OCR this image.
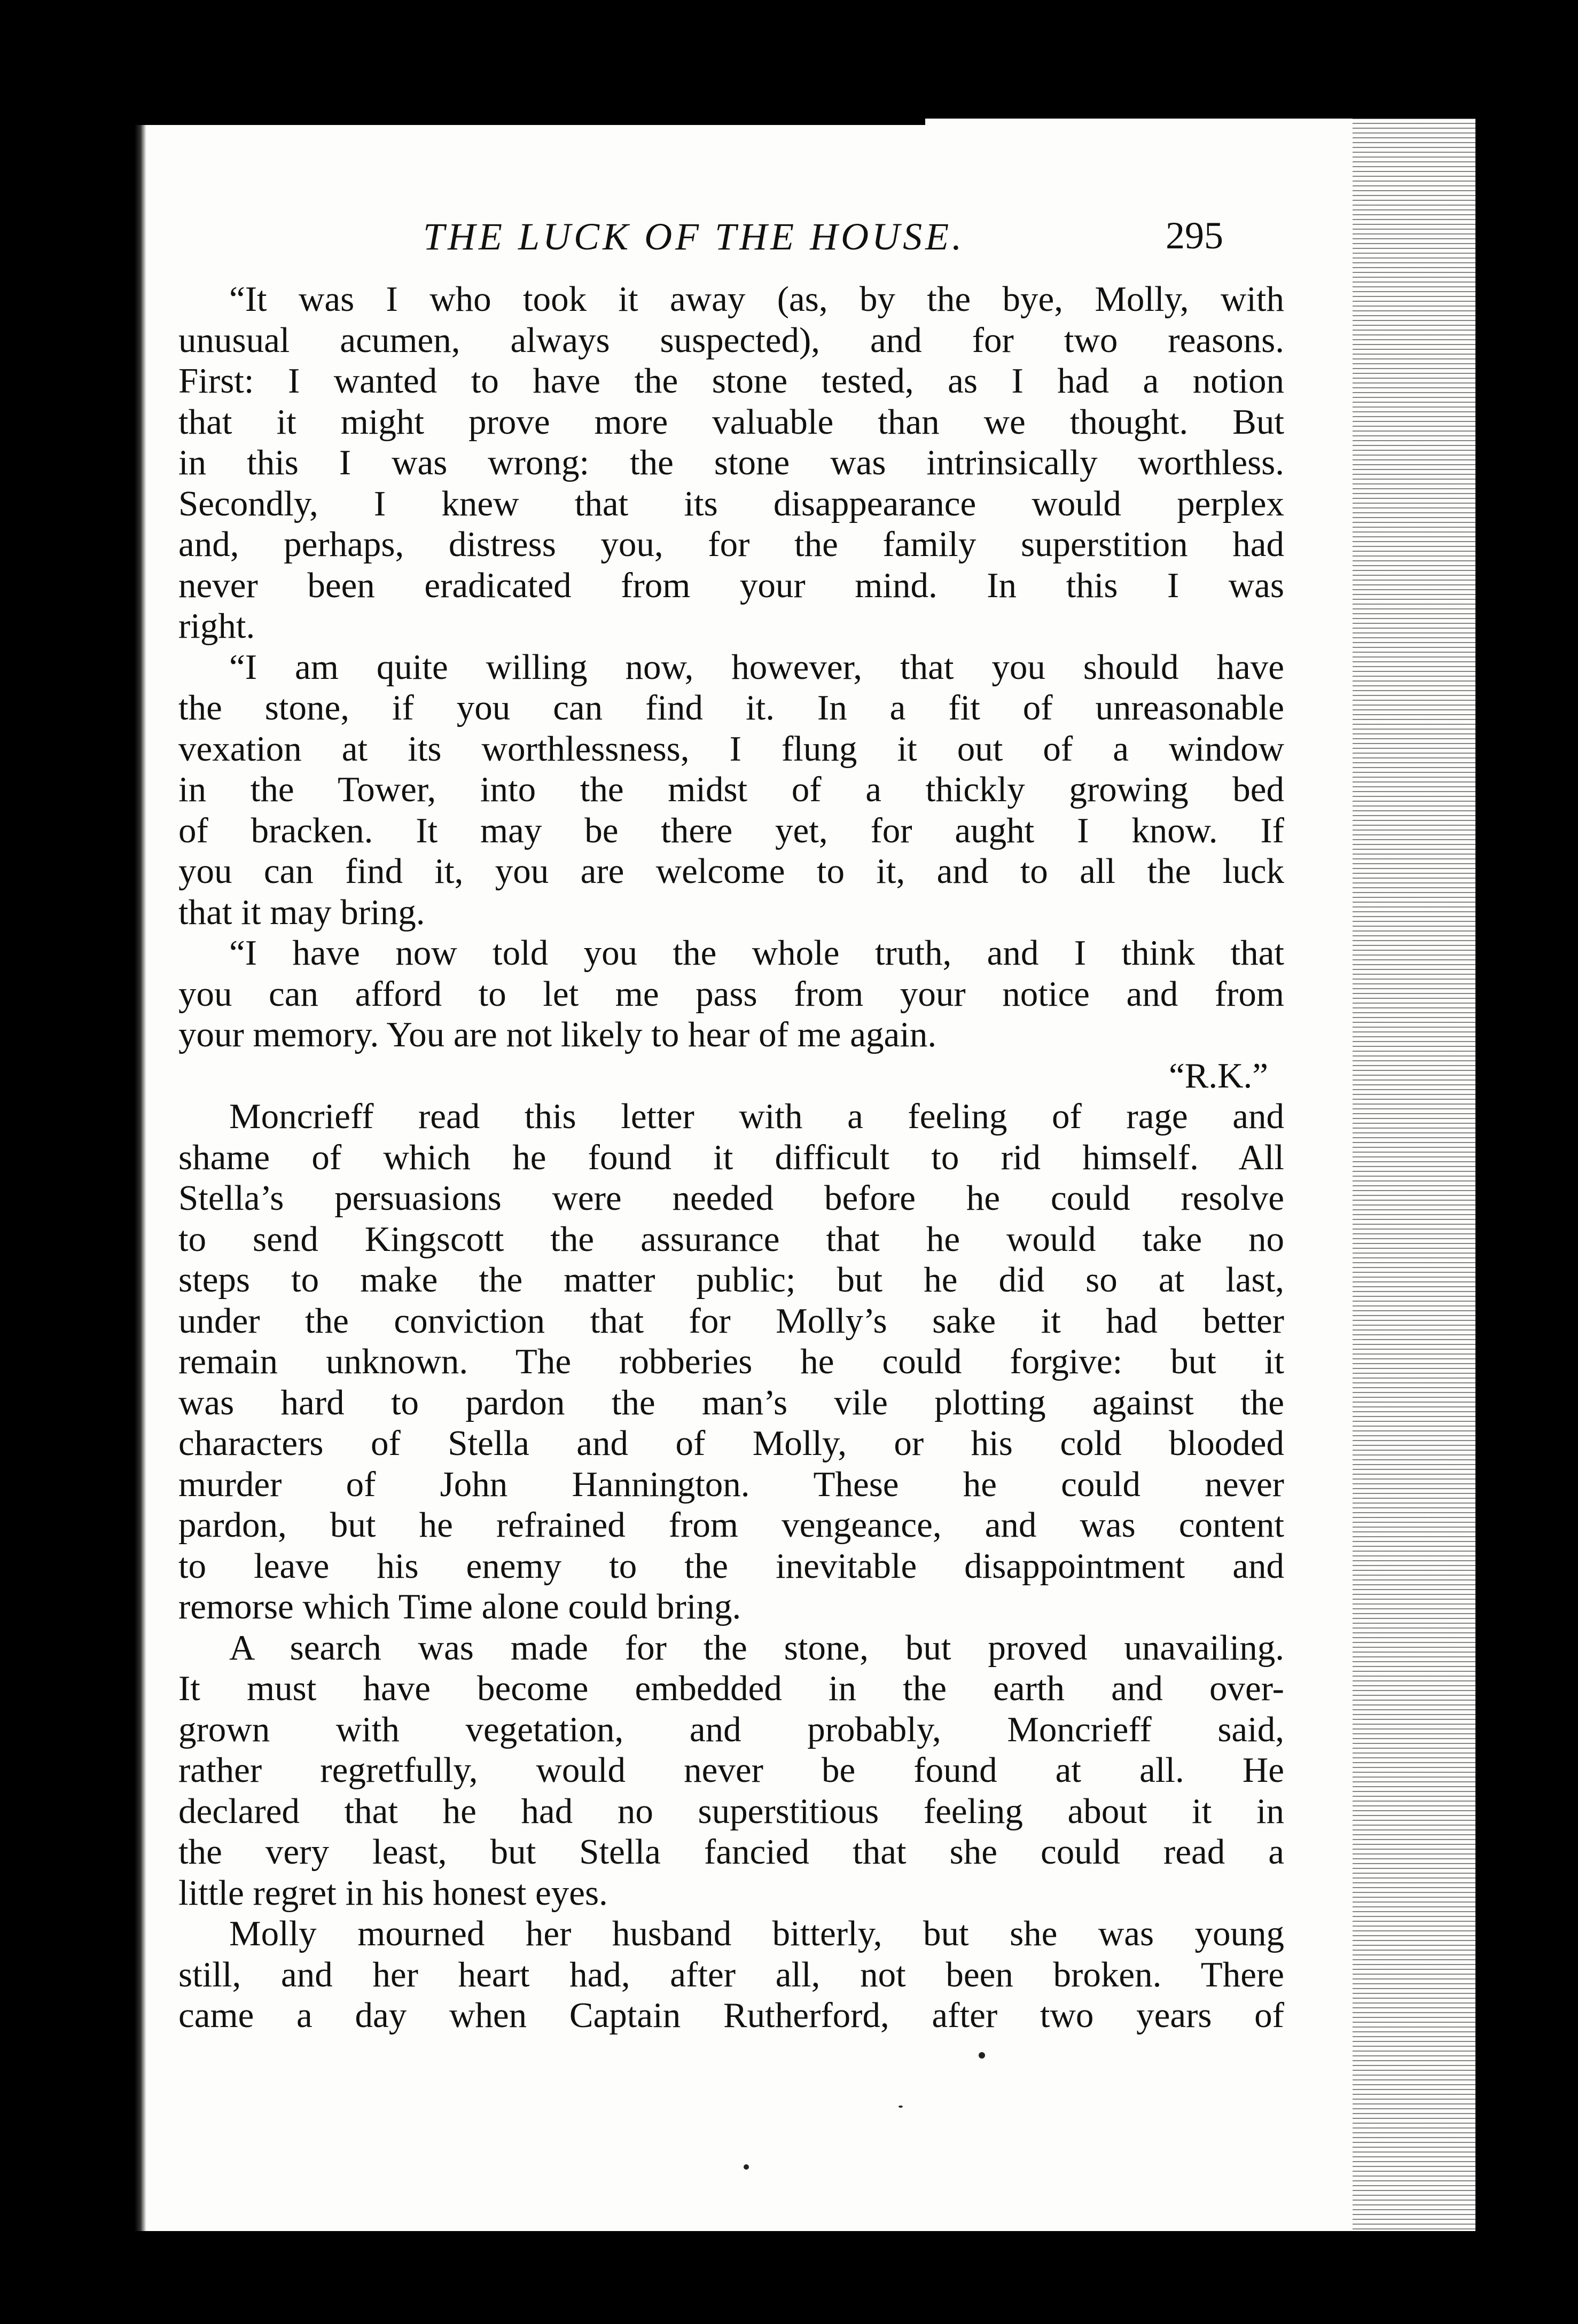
THE LUCK OF THE HOUSE.	295
“It was I who took it away (as, by the bye, Molly, with
unusual acumen, always suspected), and for two reasons.
First: I wanted to have the stone tested, as I had a notion
that it might prove more valuable than we thought. But
in this I was wrong: the stone was intrinsically worthless.
Secondly, I knew that its disappearance would perplex
and, perhaps, distress you, for the family superstition had
never been eradicated from your mind. In this I was
right.
“I am quite willing now, however, that you should have
the stone, if you can find it. In a fit of unreasonable
vexation at its worthlessness, I flung it out of a window
in the Tower, into the midst of a thickly growing bed
of bracken. It may be there yet, for aught I know. If
you can find it, you are welcome to it, and to all the luck
that it may bring.
“I have now told you the whole truth, and I think that
you can afford to let me pass from your notice and from
your memory. You are not likely to hear of me again.
“R.K.”
Moncrieff read this letter with a feeling of rage and
shame of which he found it difficult to rid himself. All
Stella’s persuasions were needed before he could resolve
to send Kingscott the assurance that he would take no
steps to make the matter public; but he did so at last,
under the conviction that for Molly’s sake it had better
remain unknown. The robberies he could forgive: but it
was hard to pardon the man’s vile plotting against the
characters of Stella and of Molly, or his cold blooded
murder of John Hannington. These he could never
pardon, but he refrained from vengeance, and was content
to leave his enemy to the inevitable disappointment and
remorse which Time alone could bring.
A search was made for the stone, but proved unavailing.
It must have become embedded in the earth and over-
grown with vegetation, and probably, Moncrieff said,
rather regretfully, would never be found at all. He
declared that he had no superstitious feeling about it in
the very least, but Stella fancied that she could read a
little regret in his honest eyes.
Molly mourned her husband bitterly, but she was young
still, and her heart had, after all, not been broken. There
came a day when Captain Rutherford, after two years of
